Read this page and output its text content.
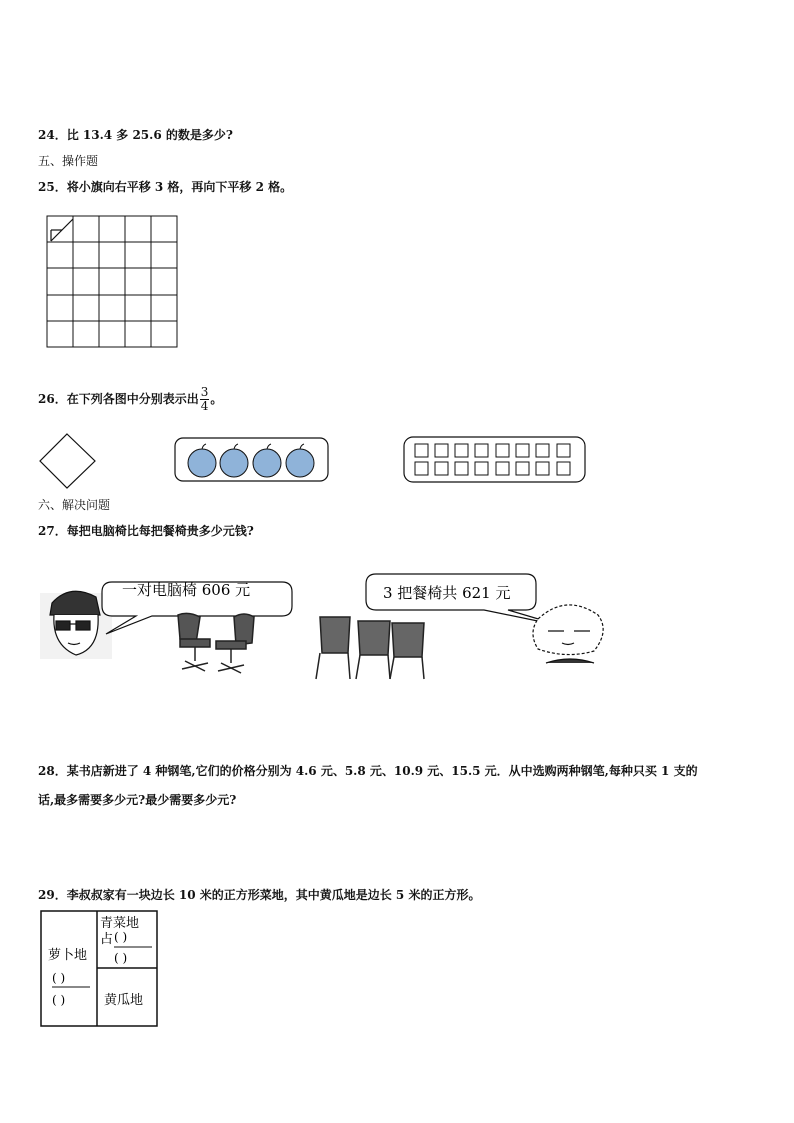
24．比 13.4 多 25.6 的数是多少?
五、操作题
25．将小旗向右平移 3 格，再向下平移 2 格。
26．在下列各图中分别表示出 $\frac{3}{4}$ 。
六、解决问题
27．每把电脑椅比每把餐椅贵多少元钱?
一对电脑椅 606 元	3 把餐椅共 621 元
28．某书店新进了 4 种钢笔,它们的价格分别为 4.6 元、5.8 元、10.9 元、15.5 元．从中选购两种钢笔,每种只买 1 支的
话,最多需要多少元?最少需要多少元?
29．李叔叔家有一块边长 10 米的正方形菜地，其中黄瓜地是边长 5 米的正方形。
青菜地
占 ( )
( )
萝卜地
( )
( )	黄瓜地
